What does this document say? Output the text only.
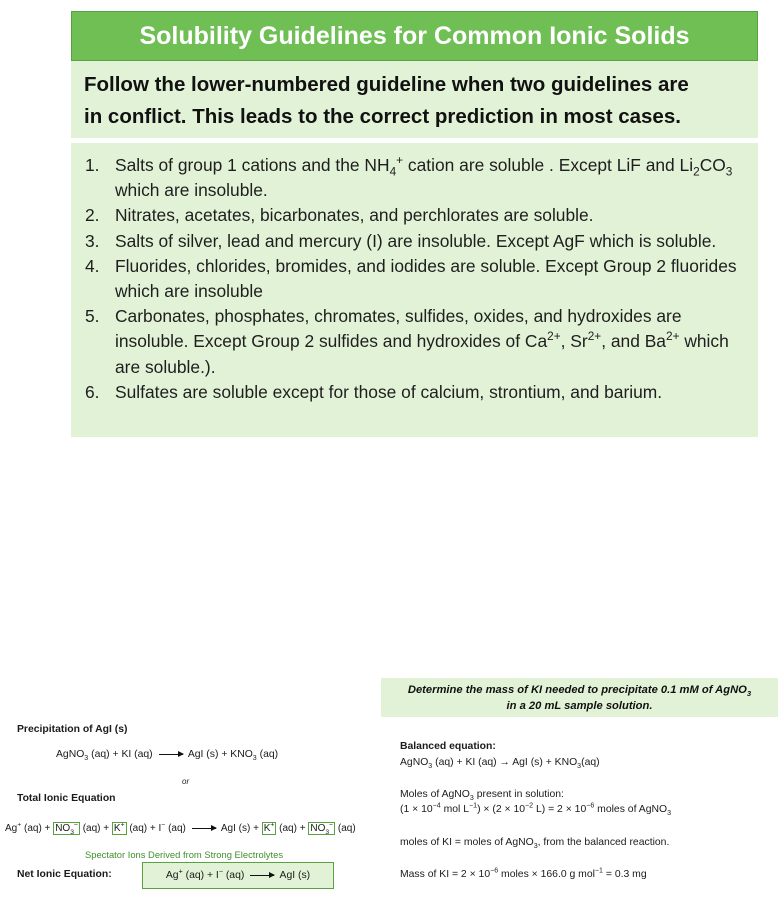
Solubility Guidelines for Common Ionic Solids
Follow the lower-numbered guideline when two guidelines are
in conflict. This leads to the correct prediction in most cases.
1. Salts of group 1 cations and the $NH_4^+$ cation are soluble . Except LiF and $Li_2CO_3$ which are insoluble.
2. Nitrates, acetates, bicarbonates, and perchlorates are soluble.
3. Salts of silver, lead and mercury (I) are insoluble. Except AgF which is soluble.
4. Fluorides, chlorides, bromides, and iodides are soluble. Except Group 2 fluorides which are insoluble
5. Carbonates, phosphates, chromates, sulfides, oxides, and hydroxides are insoluble. Except Group 2 sulfides and hydroxides of $Ca^{2+}$, $Sr^{2+}$, and $Ba^{2+}$ which are soluble.).
6. Sulfates are soluble except for those of calcium, strontium, and barium.
Precipitation of AgI (s)
AgNO$_3$ (aq) + KI (aq)	AgI $(s) + KNO_3$ (aq)
or
Total Ionic Equation
Ag+ $(aq) + NO_3^-$ (aq) + K+ (aq) + I− (aq)	AgI (s) + K+ $(aq) + NO_3^-$ (aq)
Spectator Ions Derived from Strong Electrolytes
Net Ionic Equation:	Ag+ (aq) + I− (aq)	AgI (s)
Determine the mass of KI needed to precipitate 0.1 mM of AgNO$_3$
in a 20 mL sample solution.
Balanced equation:
AgNO$_3$ (aq) + KI (aq) → AgI $(s) + KNO_3(aq)$
Moles of AgNO$_3$ present in solution:
($1 \times 10^{-4}$ mol $L^{-1}) \times (2 \times 10^{-2}$ $L) = 2 \times 10^{-6}$ moles of AgNO$_3$
moles of KI = moles of AgNO$_3$, from the balanced reaction.
Mass of KI = $2 \times 10^{-6}$ moles × 166.0 g mol$^{-1}$ = 0.3 mg
